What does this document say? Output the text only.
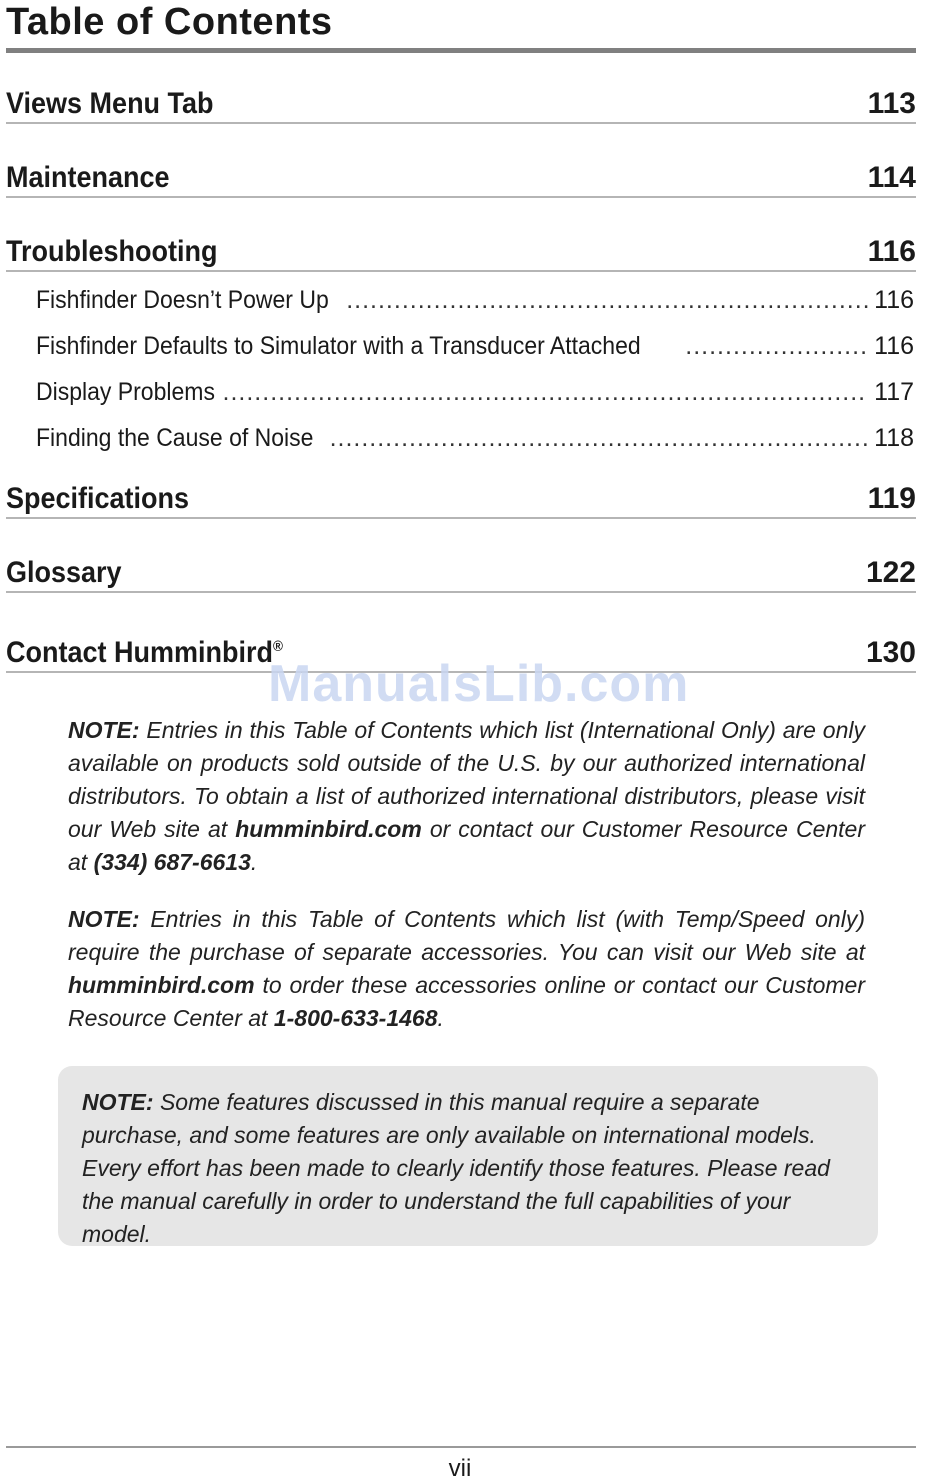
Table of Contents
Views Menu Tab	113
Maintenance	114
Troubleshooting	116
Fishfinder Doesn’t Power Up .....	116
Fishfinder Defaults to Simulator with a Transducer Attached .....	116
Display Problems .....	117
Finding the Cause of Noise .....	118
Specifications	119
Glossary	122
Contact Humminbird®	130
ManualsLib.com
NOTE: Entries in this Table of Contents which list (International Only) are only available on products sold outside of the U.S. by our authorized international distributors. To obtain a list of authorized international distributors, please visit our Web site at humminbird.com or contact our Customer Resource Center at (334) 687-6613.
NOTE: Entries in this Table of Contents which list (with Temp/Speed only) require the purchase of separate accessories. You can visit our Web site at humminbird.com to order these accessories online or contact our Customer Resource Center at 1-800-633-1468.
NOTE: Some features discussed in this manual require a separate purchase, and some features are only available on international models. Every effort has been made to clearly identify those features. Please read the manual carefully in order to understand the full capabilities of your model.
vii
